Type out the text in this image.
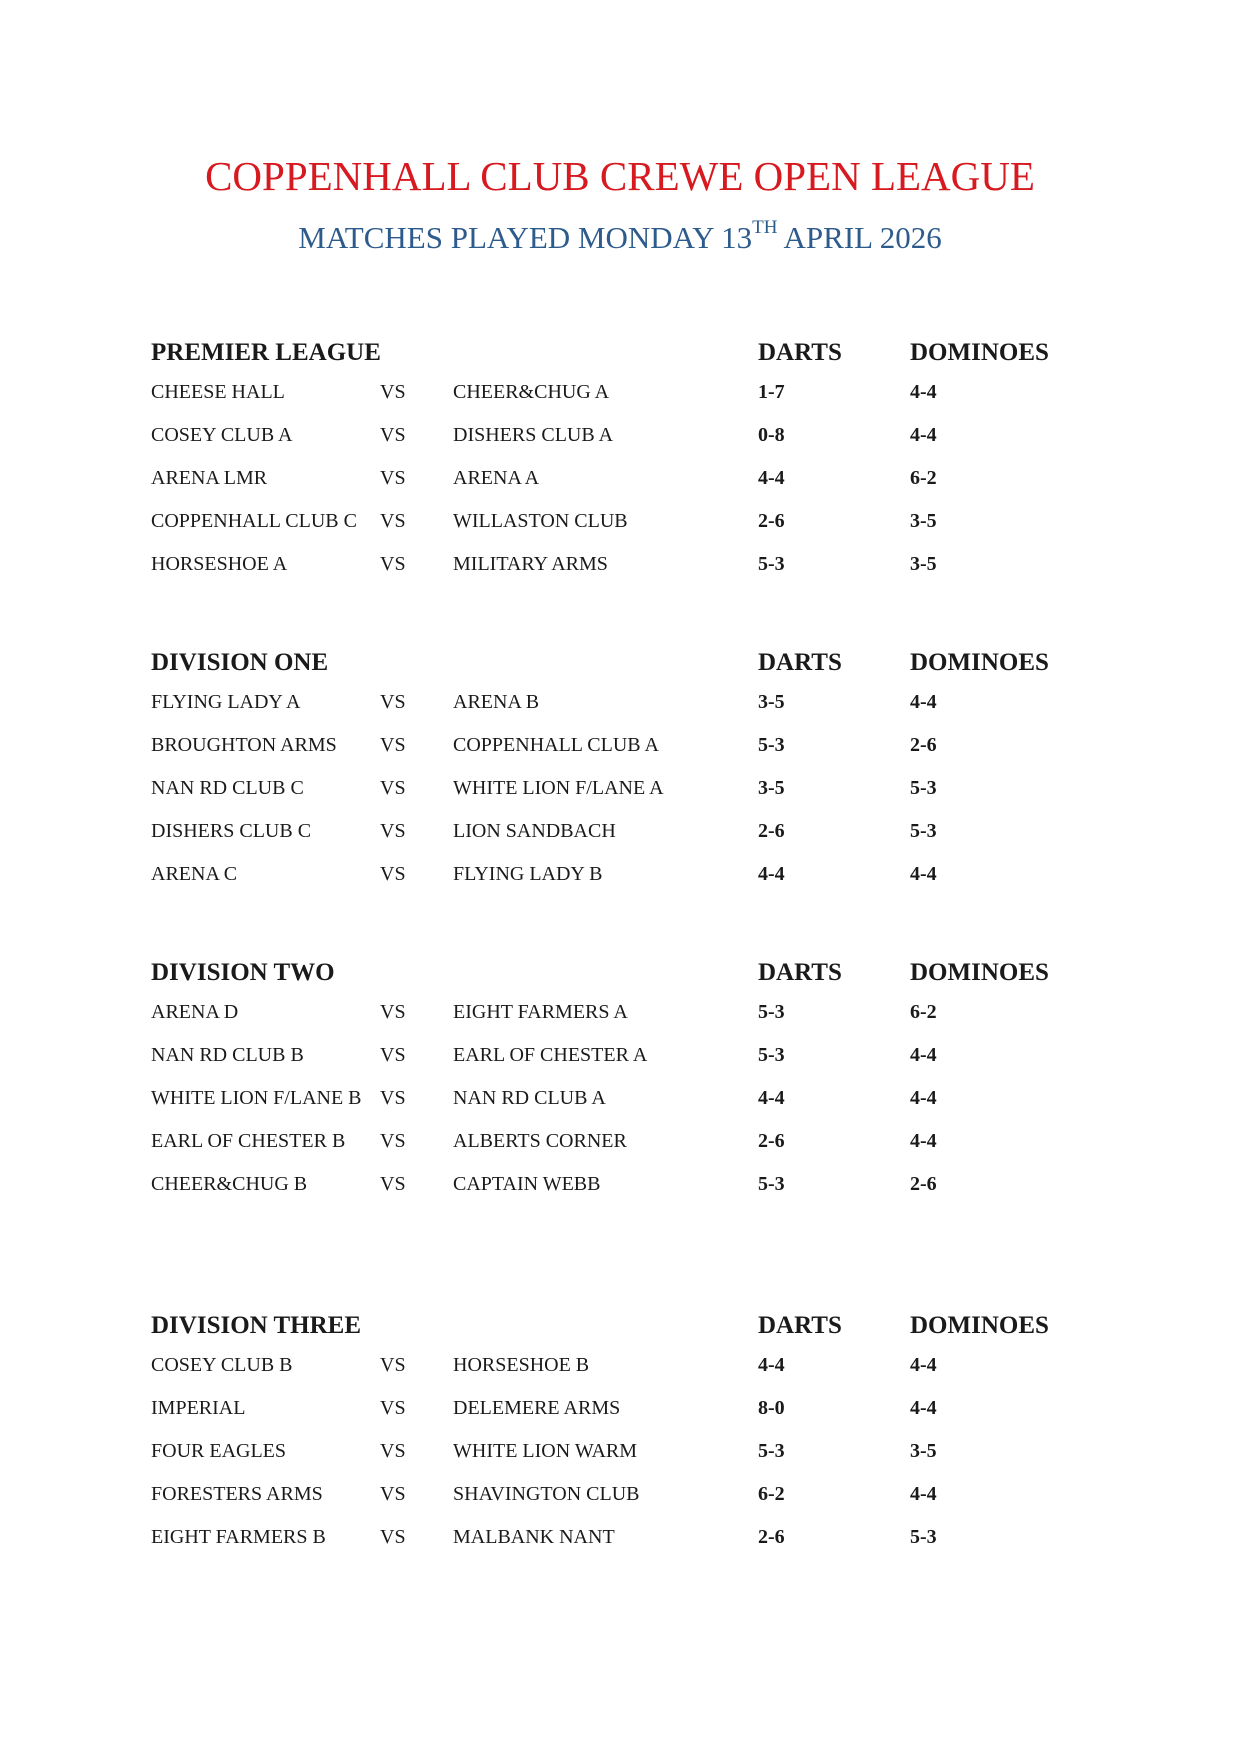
COPPENHALL CLUB CREWE OPEN LEAGUE
MATCHES PLAYED MONDAY 13TH APRIL 2026
PREMIER LEAGUE	DARTS	DOMINOES
CHEESE HALL	VS CHEER&CHUG A	1-7	4-4
COSEY CLUB A	VS DISHERS CLUB A	0-8	4-4
ARENA LMR	VS ARENA A	4-4	6-2
COPPENHALL CLUB C VS WILLASTON CLUB	2-6	3-5
HORSESHOE A	VS MILITARY ARMS	5-3	3-5
DIVISION ONE	DARTS	DOMINOES
FLYING LADY A	VS ARENA B	3-5	4-4
BROUGHTON ARMS VS COPPENHALL CLUB A	5-3	2-6
NAN RD CLUB C	VS WHITE LION F/LANE A	3-5	5-3
DISHERS CLUB C	VS LION SANDBACH	2-6	5-3
ARENA C	VS FLYING LADY B	4-4	4-4
DIVISION TWO	DARTS	DOMINOES
ARENA D	VS EIGHT FARMERS A	5-3	6-2
NAN RD CLUB B	VS EARL OF CHESTER A	5-3	4-4
WHITE LION F/LANE B VS NAN RD CLUB A	4-4	4-4
EARL OF CHESTER B VS ALBERTS CORNER	2-6	4-4
CHEER&CHUG B	VS CAPTAIN WEBB	5-3	2-6
DIVISION THREE	DARTS	DOMINOES
COSEY CLUB B	VS HORSESHOE B	4-4	4-4
IMPERIAL	VS DELEMERE ARMS	8-0	4-4
FOUR EAGLES	VS WHITE LION WARM	5-3	3-5
FORESTERS ARMS	VS SHAVINGTON CLUB	6-2	4-4
EIGHT FARMERS B	VS MALBANK NANT	2-6	5-3
